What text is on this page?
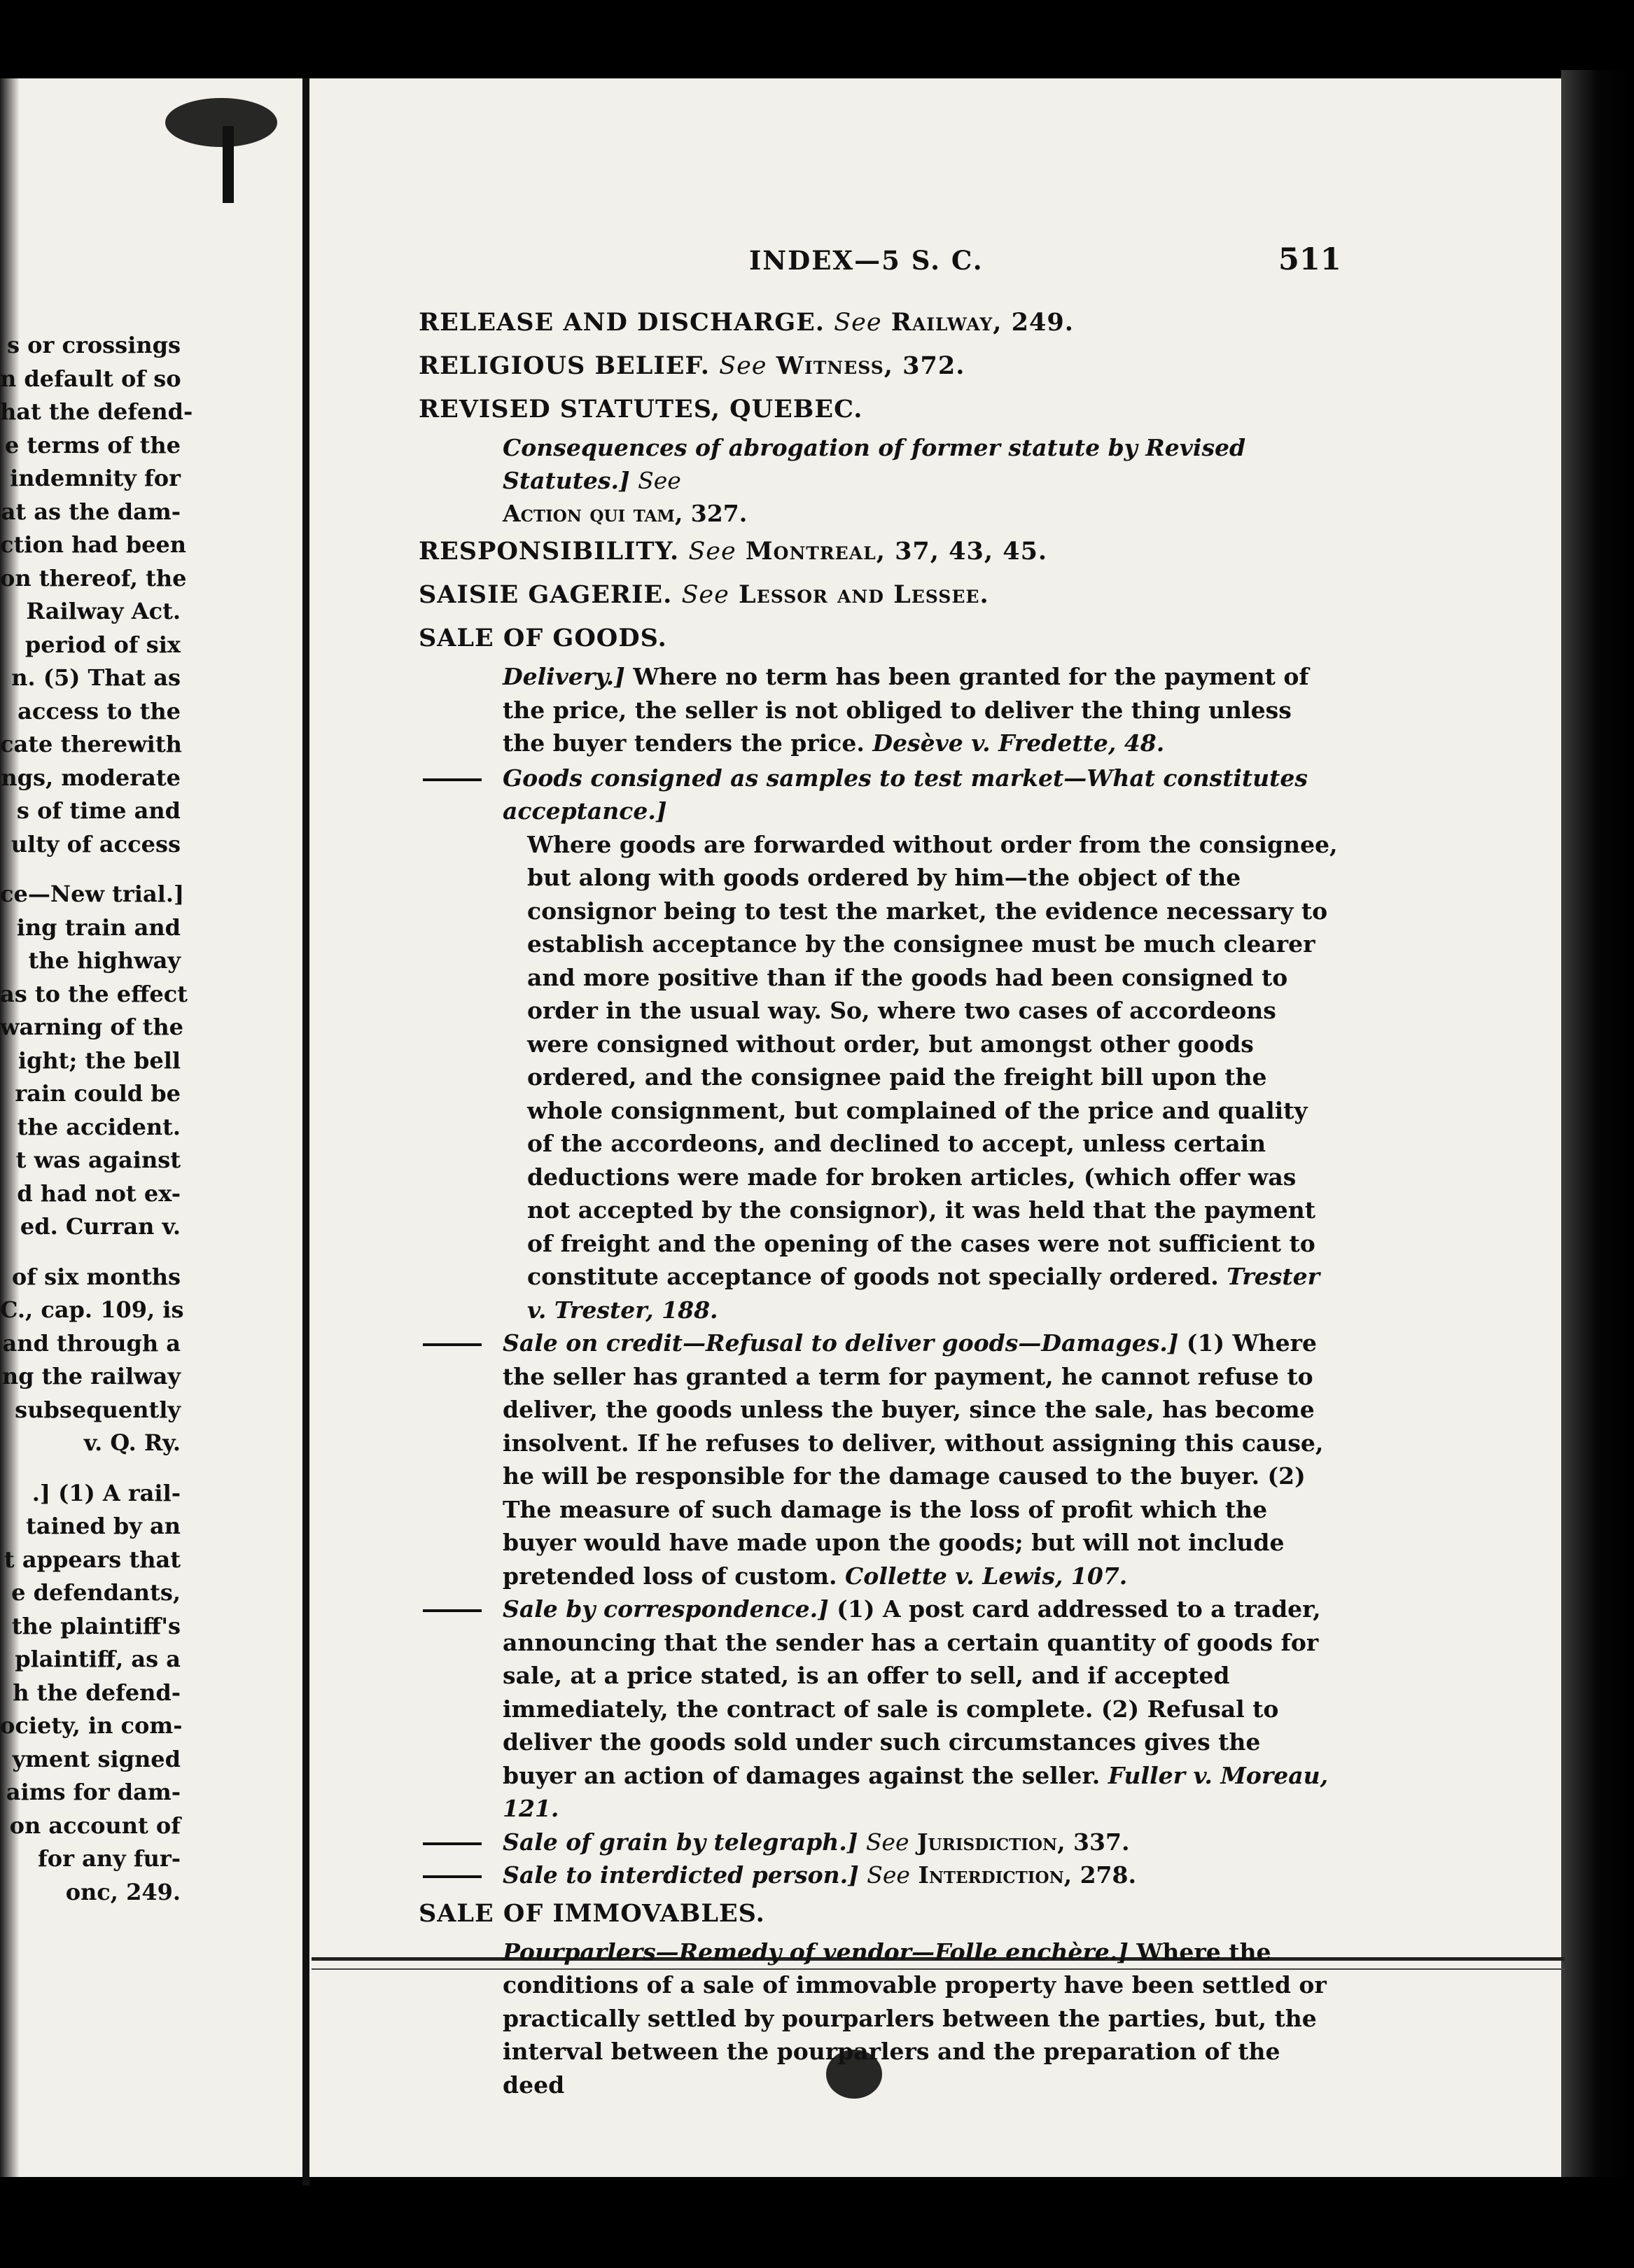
s or crossings
n default of so
hat the defend-
e terms of the
indemnity for
at as the dam-
ction had been
on thereof, the
Railway Act.
period of six
n. (5) That as
access to the
cate therewith
ngs, moderate
s of time and
ulty of access
ce—New trial.]
ing train and
the highway
as to the effect
warning of the
ight; the bell
rain could be
the accident.
t was against
d had not ex-
ed. Curran v.
of six months
C., cap. 109, is
and through a
ng the railway
subsequently
v. Q. Ry.
.] (1) A rail-
tained by an
t appears that
e defendants,
the plaintiff's
plaintiff, as a
h the defend-
ociety, in com-
yment signed
aims for dam-
on account of
for any fur-
onc, 249.
INDEX—5 S. C.	511
RELEASE AND DISCHARGE. See Railway, 249.
RELIGIOUS BELIEF. See Witness, 372.
REVISED STATUTES, QUEBEC.
Consequences of abrogation of former statute by Revised Statutes.] See
Action qui tam, 327.
RESPONSIBILITY. See Montreal, 37, 43, 45.
SAISIE GAGERIE. See Lessor and Lessee.
SALE OF GOODS.
Delivery.] Where no term has been granted for the payment of the price, the seller is not obliged to deliver the thing unless the buyer tenders the price. Desève v. Fredette, 48.
Goods consigned as samples to test market—What constitutes acceptance.]
Where goods are forwarded without order from the consignee, but along with goods ordered by him—the object of the consignor being to test the market, the evidence necessary to establish acceptance by the consignee must be much clearer and more positive than if the goods had been consigned to order in the usual way. So, where two cases of accordeons were consigned without order, but amongst other goods ordered, and the consignee paid the freight bill upon the whole consignment, but complained of the price and quality of the accordeons, and declined to accept, unless certain deductions were made for broken articles, (which offer was not accepted by the consignor), it was held that the payment of freight and the opening of the cases were not sufficient to constitute acceptance of goods not specially ordered. Trester v. Trester, 188.
Sale on credit—Refusal to deliver goods—Damages.] (1) Where the seller has granted a term for payment, he cannot refuse to deliver, the goods unless the buyer, since the sale, has become insolvent. If he refuses to deliver, without assigning this cause, he will be responsible for the damage caused to the buyer. (2) The measure of such damage is the loss of profit which the buyer would have made upon the goods; but will not include pretended loss of custom. Collette v. Lewis, 107.
Sale by correspondence.] (1) A post card addressed to a trader, announcing that the sender has a certain quantity of goods for sale, at a price stated, is an offer to sell, and if accepted immediately, the contract of sale is complete. (2) Refusal to deliver the goods sold under such circumstances gives the buyer an action of damages against the seller. Fuller v. Moreau, 121.
Sale of grain by telegraph.] See Jurisdiction, 337.
Sale to interdicted person.] See Interdiction, 278.
SALE OF IMMOVABLES.
Pourparlers—Remedy of vendor—Folle enchère.] Where the conditions of a sale of immovable property have been settled or practically settled by pourparlers between the parties, but, the interval between the pourparlers and the preparation of the deed
